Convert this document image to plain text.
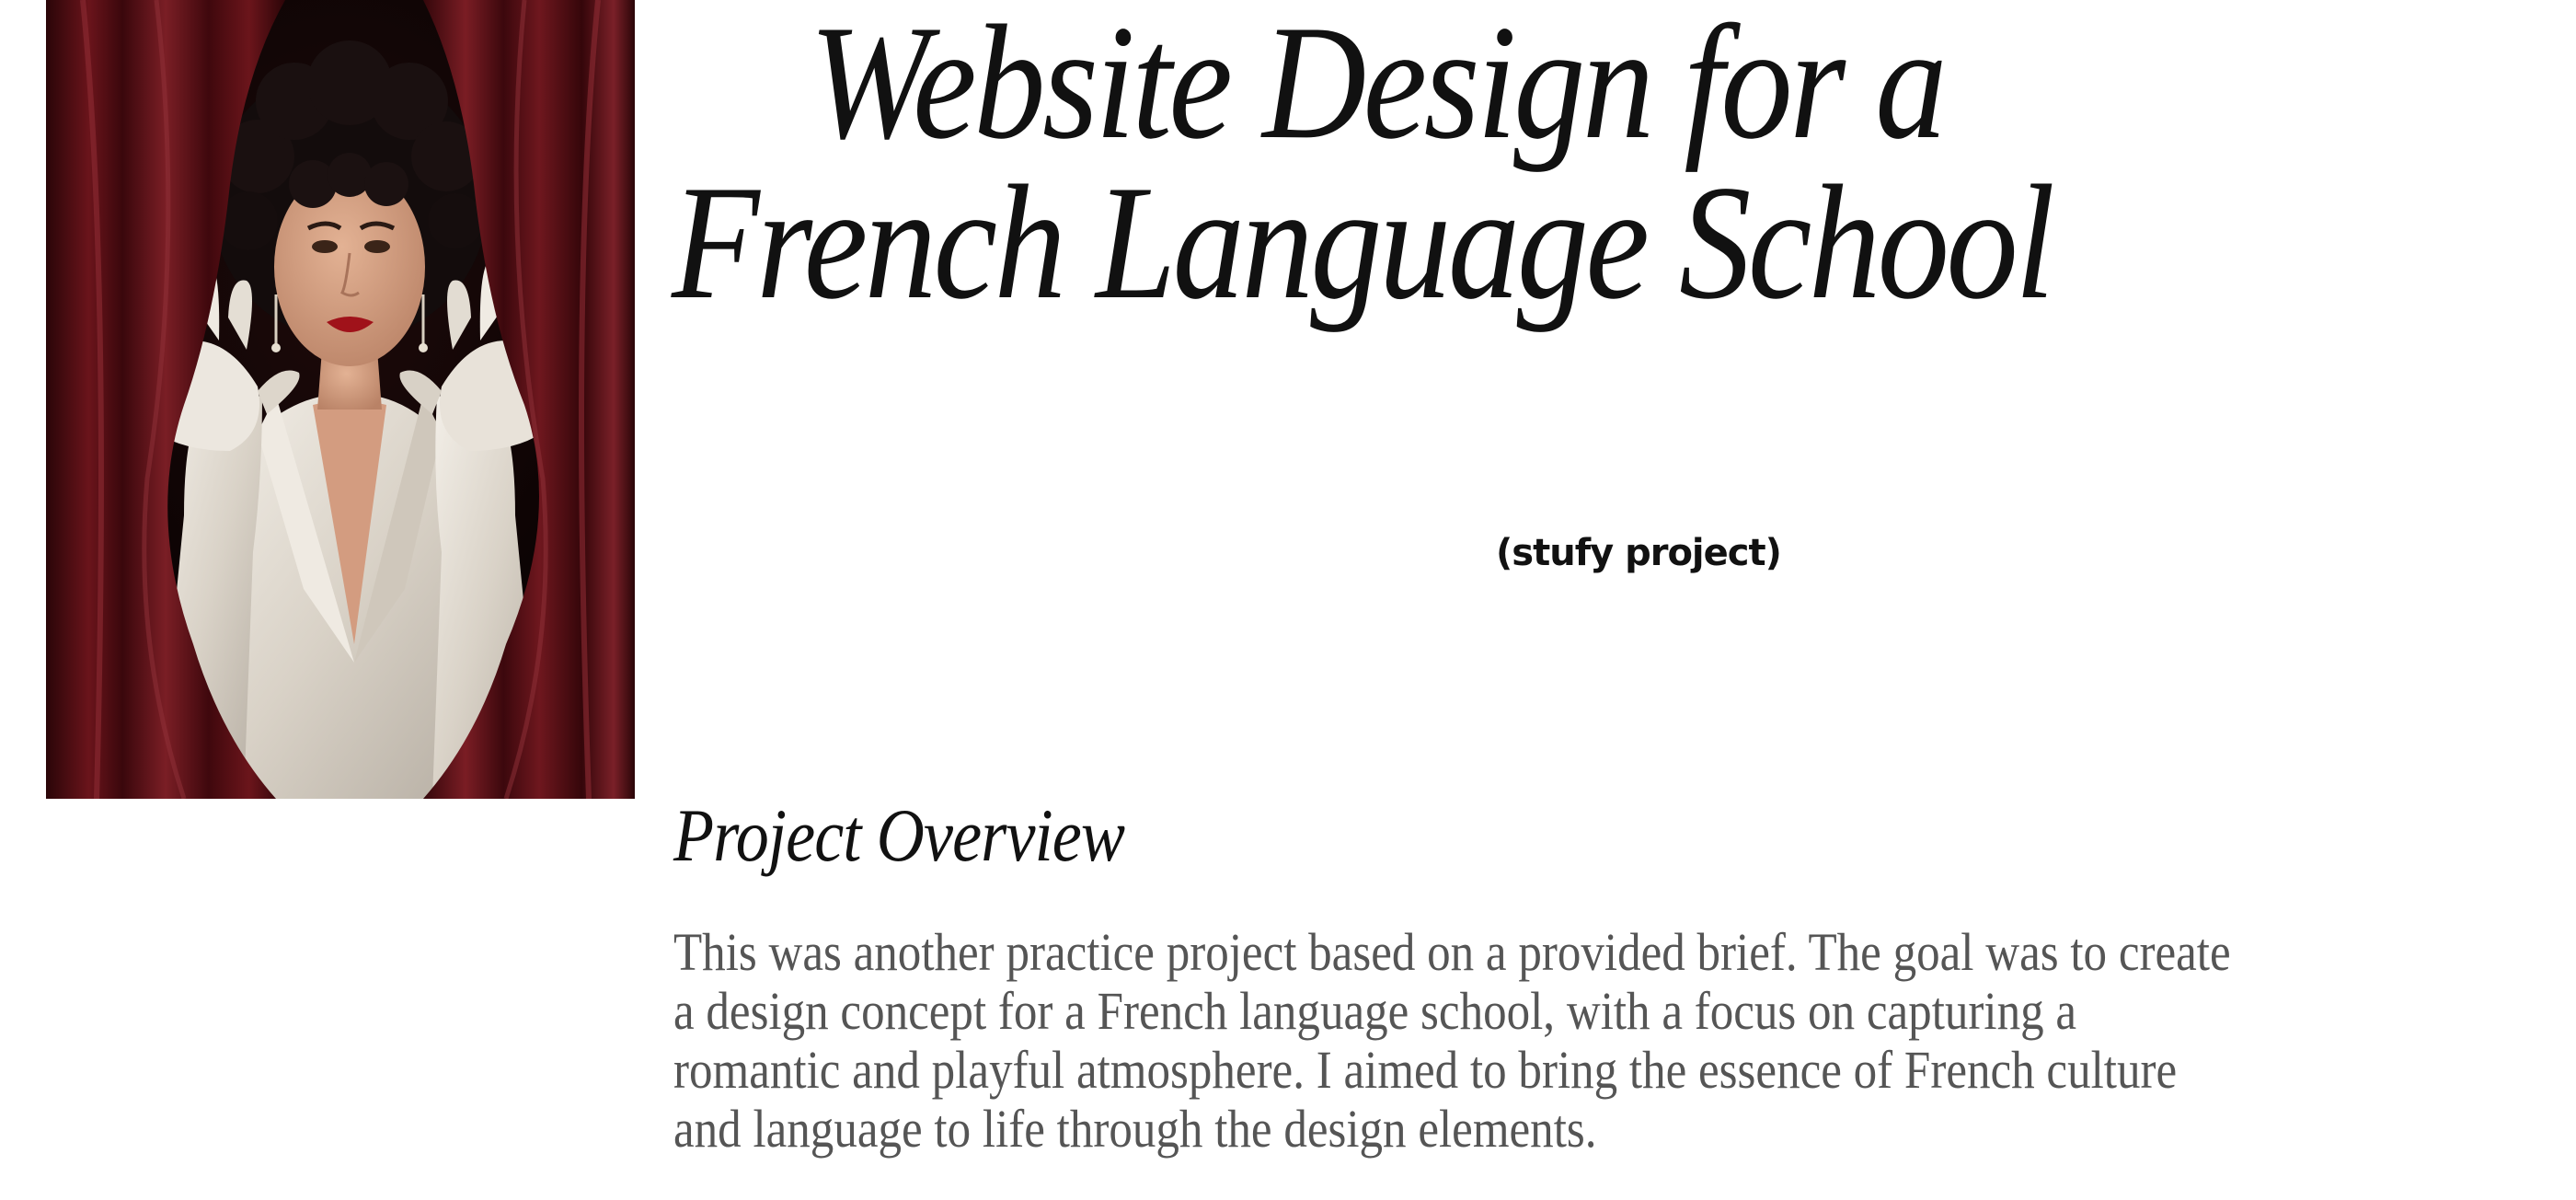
Website Design for a French Language School
(stufy project)
Project Overview

This was another practice project based on a provided brief. The goal was to create
a design concept for a French language school, with a focus on capturing a
romantic and playful atmosphere. I aimed to bring the essence of French culture
and language to life through the design elements.
